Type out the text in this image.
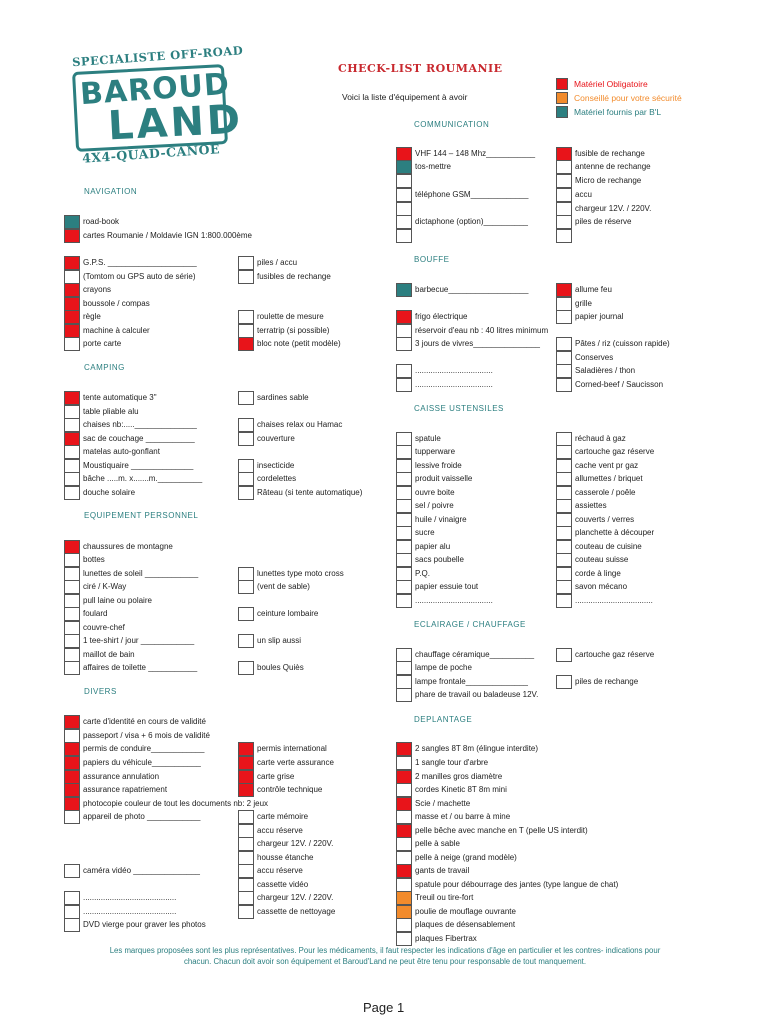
SPECIALISTE OFF-ROAD
BAROUD
LAND
4X4-QUAD-CANOË
CHECK-LIST ROUMANIE
Voici la liste d'équipement à avoir
Matériel Obligatoire
Conseillé pour votre sécurité
Matériel fournis par B'L
COMMUNICATION
NAVIGATION
BOUFFE
CAMPING
CAISSE USTENSILES
EQUIPEMENT PERSONNEL
ECLAIRAGE / CHAUFFAGE
DIVERS
DEPLANTAGE
VHF 144 – 148 Mhz___________
tos-mettre
téléphone GSM_____________
dictaphone (option)__________
fusible de rechange
antenne de rechange
Micro de rechange
accu
chargeur 12V. / 220V.
piles de réserve
road-book
cartes Roumanie / Moldavie IGN 1:800.000ème
G.P.S. ____________________
(Tomtom ou GPS auto de série)
crayons
boussole / compas
règle
machine à calculer
porte carte
piles / accu
fusibles de rechange
roulette de mesure
terratrip (si possible)
bloc note (petit modèle)
barbecue__________________
frigo électrique
réservoir d'eau nb : 40 litres minimum
3 jours de vivres_______________
...................................
...................................
allume feu
grille
papier journal
Pâtes / riz (cuisson rapide)
Conserves
Saladières / thon
Corned-beef / Saucisson
tente automatique 3"
table pliable alu
chaises nb:.....______________
sac de couchage ___________
matelas auto-gonflant
Moustiquaire ______________
bâche .....m. x.......m.__________
douche solaire
sardines sable
chaises relax ou Hamac
couverture
insecticide
cordelettes
Râteau (si tente automatique)
spatule
tupperware
lessive froide
produit vaisselle
ouvre boite
sel / poivre
huile / vinaigre
sucre
papier alu
sacs poubelle
P.Q.
papier essuie tout
...................................
réchaud à gaz
cartouche gaz réserve
cache vent pr gaz
allumettes / briquet
casserole / poêle
assiettes
couverts / verres
planchette à découper
couteau de cuisine
couteau suisse
corde à linge
savon mécano
...................................
chaussures de montagne
bottes
lunettes de soleil ____________
ciré / K-Way
pull laine ou polaire
foulard
couvre-chef
1 tee-shirt / jour ____________
maillot de bain
affaires de toilette ___________
lunettes type moto cross
(vent de sable)
ceinture lombaire
un slip aussi
boules Quiès
chauffage céramique__________
lampe de poche
lampe frontale______________
phare de travail ou baladeuse 12V.
cartouche gaz réserve
piles de rechange
carte d'identité en cours de validité
passeport / visa + 6 mois de validité
permis de conduire____________
papiers du véhicule___________
assurance annulation
assurance rapatriement
photocopie couleur de tout les documents nb: 2 jeux
appareil de photo ____________
caméra vidéo _______________
..........................................
..........................................
DVD vierge pour graver les photos
permis international
carte verte assurance
carte grise
contrôle technique
carte mémoire
accu réserve
chargeur 12V. / 220V.
housse étanche
accu réserve
cassette vidéo
chargeur 12V. / 220V.
cassette de nettoyage
2 sangles 8T 8m (élingue interdite)
1 sangle tour d'arbre
2 manilles gros diamètre
cordes Kinetic 8T 8m mini
Scie / machette
masse et / ou barre à mine
pelle bêche avec manche en T (pelle US interdit)
pelle à sable
pelle à neige (grand modèle)
gants de travail
spatule pour débourrage des jantes (type langue de chat)
Treuil ou tire-fort
poulie de mouflage ouvrante
plaques de désensablement
plaques Fibertrax
Les marques proposées sont les plus représentatives. Pour les médicaments, il faut respecter les indications d'âge en particulier et les contres- indications pour
chacun. Chacun doit avoir son équipement et Baroud'Land ne peut être tenu pour responsable de tout manquement.
Page 1
